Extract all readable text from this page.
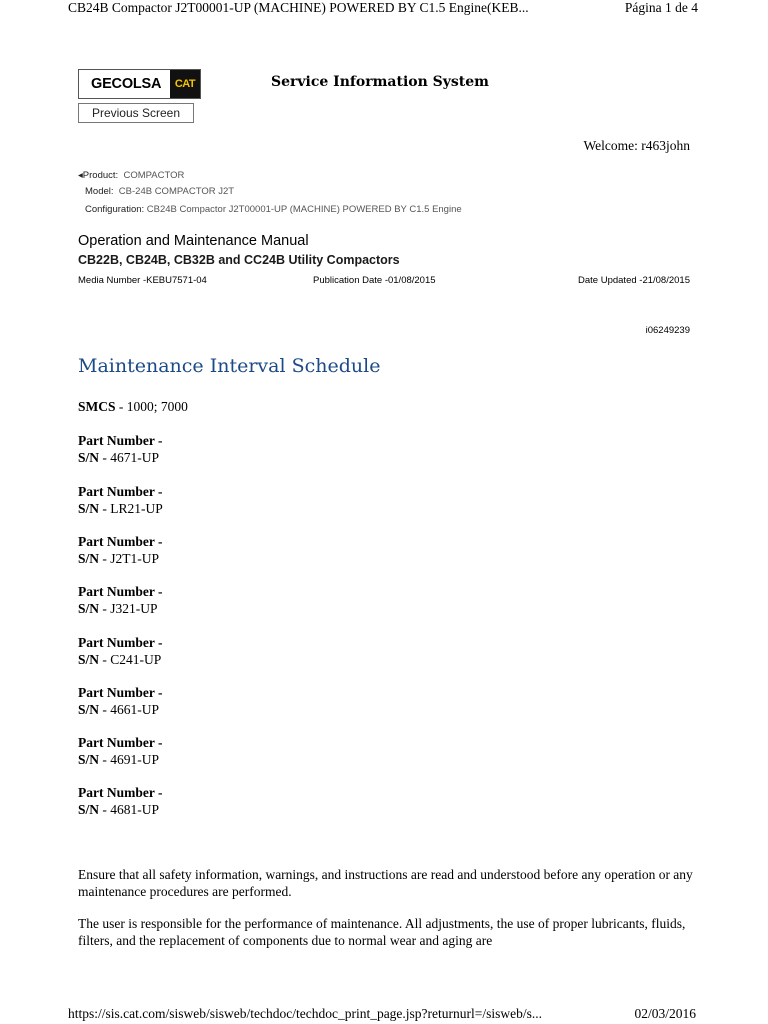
CB24B Compactor J2T00001-UP (MACHINE) POWERED BY C1.5 Engine(KEB...	Página 1 de 4
GECOLSA	CAT	Service Information System
Previous Screen
Welcome: r463john
◂Product: COMPACTOR
Model: CB-24B COMPACTOR J2T
Configuration: CB24B Compactor J2T00001-UP (MACHINE) POWERED BY C1.5 Engine
Operation and Maintenance Manual
CB22B, CB24B, CB32B and CC24B Utility Compactors
Media Number -KEBU7571-04	Publication Date -01/08/2015	Date Updated -21/08/2015
i06249239
Maintenance Interval Schedule
SMCS - 1000; 7000
Part Number -
S/N - 4671-UP
Part Number -
S/N - LR21-UP
Part Number -
S/N - J2T1-UP
Part Number -
S/N - J321-UP
Part Number -
S/N - C241-UP
Part Number -
S/N - 4661-UP
Part Number -
S/N - 4691-UP
Part Number -
S/N - 4681-UP
Ensure that all safety information, warnings, and instructions are read and understood before any operation or any maintenance procedures are performed.
The user is responsible for the performance of maintenance. All adjustments, the use of proper lubricants, fluids, filters, and the replacement of components due to normal wear and aging are
https://sis.cat.com/sisweb/sisweb/techdoc/techdoc_print_page.jsp?returnurl=/sisweb/s...	02/03/2016
